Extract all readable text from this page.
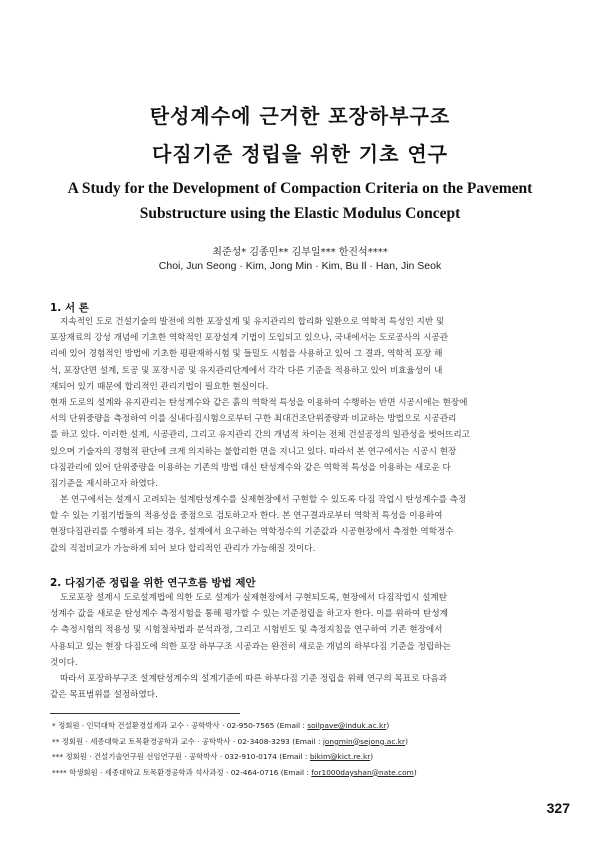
탄성계수에 근거한 포장하부구조
다짐기준 정립을 위한 기초 연구
A Study for the Development of Compaction Criteria on the Pavement
Substructure using the Elastic Modulus Concept
최준성* 김종민** 김부일*** 한진석****
Choi, Jun Seong · Kim, Jong Min · Kim, Bu Il · Han, Jin Seok
1. 서 론

지속적인 도로 건설기술의 발전에 의한 포장설계 및 유지관리의 합리화 일환으로 역학적 특성인 지반 및
포장재료의 강성 개념에 기초한 역학적인 포장설계 기법이 도입되고 있으나, 국내에서는 도로공사의 시공관
리에 있어 경험적인 방법에 기초한 평판재하시험 및 들밀도 시험을 사용하고 있어 그 결과, 역학적 포장 해
석, 포장단면 설계, 토공 및 포장시공 및 유지관리단계에서 각각 다른 기준을 적용하고 있어 비효율성이 내
재되어 있기 때문에 합리적인 관리기법이 필요한 현실이다.

현재 도로의 설계와 유지관리는 탄성계수와 같은 흙의 역학적 특성을 이용하여 수행하는 반면 시공시에는 현장에
서의 단위중량을 측정하여 이를 실내다짐시험으로부터 구한 최대건조단위중량과 비교하는 방법으로 시공관리
를 하고 있다. 이러한 설계, 시공관리, 그리고 유지관리 간의 개념적 차이는 전체 건설공정의 일관성을 벗어뜨리고
있으며 기술자의 경험적 판단에 크게 의지하는 불합리한 면을 지니고 있다. 따라서 본 연구에서는 시공시 현장
다짐관리에 있어 단위중량을 이용하는 기존의 방법 대신 탄성계수와 같은 역학적 특성을 이용하는 새로운 다
짐기준을 제시하고자 하였다.

본 연구에서는 설계시 고려되는 설계탄성계수를 실제현장에서 구현할 수 있도록 다짐 작업시 탄성계수를 측정
할 수 있는 기점기법들의 적용성을 중점으로 검토하고자 한다. 본 연구결과로부터 역학적 특성을 이용하여
현장다짐관리를 수행하게 되는 경우, 설계에서 요구하는 역학정수의 기준값과 시공현장에서 측정한 역학정수
값의 직접비교가 가능하게 되어 보다 합리적인 관리가 가능해질 것이다.

2. 다짐기준 정립을 위한 연구흐름 방법 제안

도로포장 설계시 도로설계법에 의한 도로 설계가 실제현장에서 구현되도록, 현장에서 다짐작업시 설계탄
성계수 값을 새로운 탄성계수 측정시험을 통해 평가할 수 있는 기준정립을 하고자 한다. 이를 위하여 탄성계
수 측정시험의 적용성 및 시험절차법과 분석과정, 그리고 시험빈도 및 측정지침을 연구하여 기존 현장에서
사용되고 있는 현장 다짐도에 의한 포장 하부구조 시공과는 완전히 새로운 개념의 하부다짐 기준을 정립하는
것이다.

따라서 포장하부구조 설계탄성계수의 설계기준에 따른 하부다짐 기준 정립을 위해 연구의 목표로 다음과
같은 목표범위를 설정하였다.

* 정회원 · 인덕대학 건설환경설계과 교수 · 공학박사 · 02-950-7565 (Email : soilpave@induk.ac.kr)
** 정회원 · 세종대학교 토목환경공학과 교수 · 공학박사 · 02-3408-3293 (Email : jongmin@sejong.ac.kr)
*** 정회원 · 건설기술연구원 선임연구원 · 공학박사 · 032-910-0174 (Email : bikim@kict.re.kr)
**** 학생회원 · 세종대학교 토목환경공학과 석사과정 · 02-464-0716 (Email : for1000dayshan@nate.com)
327
